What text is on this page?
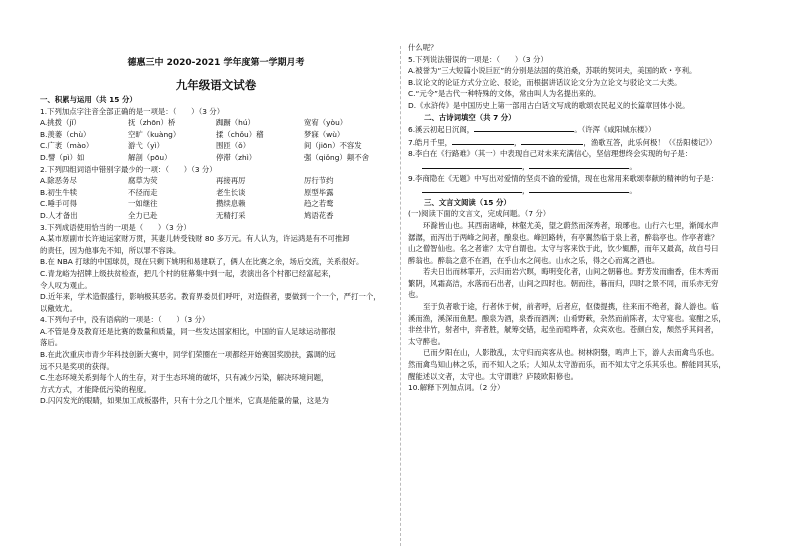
德惠三中 2020-2021 学年度第一学期月考
九年级语文试卷
一、积累与运用（共 15 分）
1.下列加点字注音全部正确的是一项是：（　　）（3 分）
A.挑拨（jǐ）	抚（zhōn）桥	踟蹰（hú）	宽宥（yòu）
B.羡蒌（chù）	空旷（kuàng）	揉（chǒu）稽	梦寐（wù）
C.广袤（mào）	游弋（yì）	围匝（ǒ）	间（jiōn）不容发
D.譬（pì）如	解剖（pōu）	停滞（zhì）	强（qiǒng）颠不舍
2.下列四组词语中错别字最少的一项：（　　）（3 分）
A.除恶务尽	腐草为荧	再接再厉	厉行节约
B.初生牛犊	不径而走	老生长谈	原型毕露
C.唾手可得	一如继往	攒续息赖	趋之若鹜
D.人才备出	全力已赴	无精打采	鸠语花香
3.下列成语使用恰当的一项是（　　）（3 分）
A.某市原副市长许迪运家财万贯，其妻儿转受钱财 80 多万元。有人认为，许运鸿是有不可推卸
的责任，因为他事先不知，所以罪不容诛。
B.在 NBA 打球的中国球员，现在只剩下姚明和易建联了，俩人在比赛之余，场后交流，关系很好。
C.青龙峪为招牌上级扶贫检查，把几个村的驻幕集中到一起，表演出各个村都已经富起来，
令人叹为观止。
D.近年来，学术造假盛行，影响极其恶劣。教育界委员们呼吁，对造假者，要做到一个一个，严打一个，
以儆效尤。
4.下列句子中，没有语病的一项是：（　　）（3 分）
A.不管是身及教育还是比赛的数量和质量，同一些发达国家相比，中国的盲人足球运动都很
落后。
B.在此次重庆市青少年科技创新大赛中，同学们荣圈在一项都经开始赛国奖励扶，露调的远
远不只是奖项的获得。
C.生态环境关系到每个人的生存，对于生态环境的破坏，只有减少污染，解决环境问题，
方式方式，才能降低污染的程度。
D.闪闪发光的眼睛，如果加工成板器件，只有十分之几个厘米，它真是能量的量，这是为
什么呢？
5.下列说法错误的一项是：（　　）（3 分）
A.被誉为“三大短篇小说巨匠”的分别是法国的莫泊桑，苏联的契诃夫，美国的欧・亨利。
B.议论文的论证方式分立论、驳论，而根据讲话议论文分为立论文与驳论文二大类。
C.“元令”是古代一种特殊的文体，常由叫人为名提出来的。
D.《水浒传》是中国历史上第一部用古白话文写成的歌颂农民起义的长篇章回体小说。
二、古诗词填空（共 7 分）
6.溪云初起日沉阁，	。（许浑《咸阳城东楼》）
7.皓月千里，	，	，渔歌互答，此乐何极！（《岳阳楼记》）
8.李白在《行路难》（其一）中表现自己对未来充满信心，坚信理想终会实现的句子是：
，	。
9.李商隐在《无题》中写出对爱情的坚贞不渝的爱情，现在也常用来歌颂奉献的精神的句子是：
，	。
三、文言文阅读（15 分）
(一)阅读下面的文言文，完成问题。（7 分）
环滁皆山也。其西南诸峰，林壑尤美，望之蔚然而深秀者，琅琊也。山行六七里，渐闻水声
潺潺，而泻出于两峰之间者，酿泉也。峰回路转，有亭翼然临于泉上者，醉翁亭也。作亭者谁？
山之僧智仙也。名之者谁？太守自谓也。太守与客来饮于此，饮少辄醉，而年又最高，故自号曰
醉翁也。醉翁之意不在酒，在乎山水之间也。山水之乐，得之心而寓之酒也。
若夫日出而林霏开，云归而岩穴暝，晦明变化者，山间之朝暮也。野芳发而幽香，佳木秀而
繁阴，风霜高洁，水落而石出者，山间之四时也。朝而往，暮而归，四时之景不同，而乐亦无穷
也。
至于负者歌于途，行者休于树，前者呼，后者应，伛偻提携，往来而不绝者，滁人游也。临
溪而渔，溪深而鱼肥。酿泉为酒，泉香而酒洌；山肴野蔌，杂然而前陈者，太守宴也。宴酣之乐，
非丝非竹，射者中，弈者胜，觥筹交错，起坐而喧哗者，众宾欢也。苍颜白发，颓然乎其间者，
太守醉也。
已而夕阳在山，人影散乱，太守归而宾客从也。树林阴翳，鸣声上下，游人去而禽鸟乐也。
然而禽鸟知山林之乐，而不知人之乐；人知从太守游而乐，而不知太守之乐其乐也。醉能同其乐，
醒能述以文者，太守也。太守谓谁？庐陵欧阳修也。
10.解释下列加点词。（2 分）
